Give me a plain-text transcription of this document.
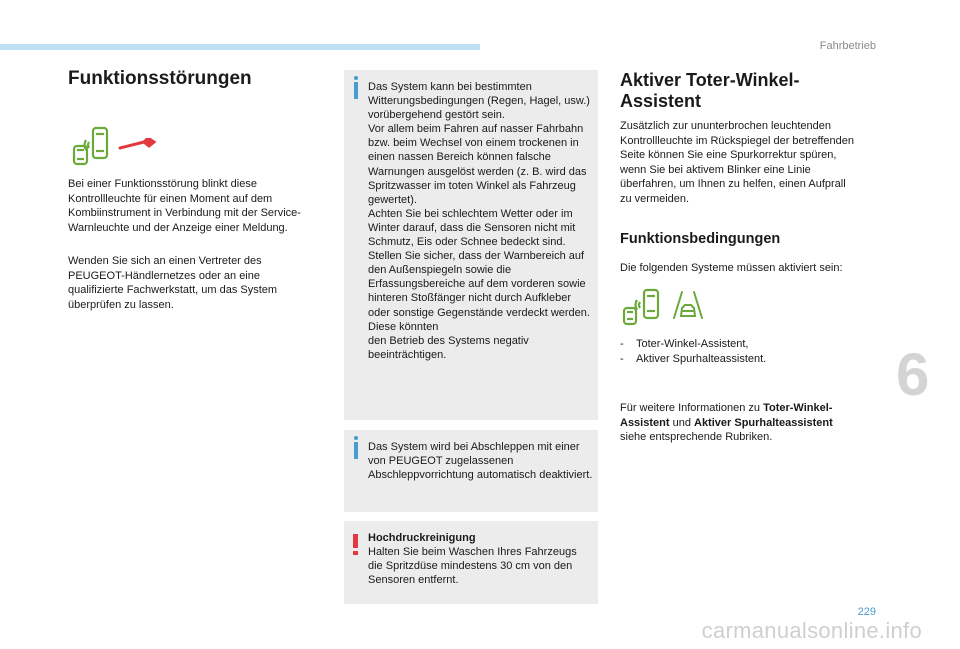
Fahrbetrieb
6
Funktionsstörungen
Bei einer Funktionsstörung blinkt diese Kontrollleuchte für einen Moment auf dem Kombiinstrument in Verbindung mit der Service-Warnleuchte und der Anzeige einer Meldung.
Wenden Sie sich an einen Vertreter des PEUGEOT-Händlernetzes oder an eine qualifizierte Fachwerkstatt, um das System überprüfen zu lassen.
Das System kann bei bestimmten Witterungsbedingungen (Regen, Hagel, usw.) vorübergehend gestört sein.
Vor allem beim Fahren auf nasser Fahrbahn bzw. beim Wechsel von einem trockenen in einen nassen Bereich können falsche Warnungen ausgelöst werden (z. B. wird das Spritzwasser im toten Winkel als Fahrzeug gewertet).
Achten Sie bei schlechtem Wetter oder im Winter darauf, dass die Sensoren nicht mit Schmutz, Eis oder Schnee bedeckt sind.
Stellen Sie sicher, dass der Warnbereich auf den Außenspiegeln sowie die Erfassungsbereiche auf dem vorderen sowie hinteren Stoßfänger nicht durch Aufkleber oder sonstige Gegenstände verdeckt werden. Diese könnten
den Betrieb des Systems negativ beeinträchtigen.
Das System wird bei Abschleppen mit einer von PEUGEOT zugelassenen Abschleppvorrichtung automatisch deaktiviert.
Hochdruckreinigung
Halten Sie beim Waschen Ihres Fahrzeugs die Spritzdüse mindestens 30 cm von den Sensoren entfernt.
Aktiver Toter-Winkel-Assistent
Zusätzlich zur ununterbrochen leuchtenden Kontrollleuchte im Rückspiegel der betreffenden Seite können Sie eine Spurkorrektur spüren, wenn Sie bei aktivem Blinker eine Linie überfahren, um Ihnen zu helfen, einen Aufprall zu vermeiden.
Funktionsbedingungen
Die folgenden Systeme müssen aktiviert sein:
- Toter-Winkel-Assistent,
- Aktiver Spurhalteassistent.
Für weitere Informationen zu Toter-Winkel-Assistent und Aktiver Spurhalteassistent siehe entsprechende Rubriken.
229
carmanualsonline.info
